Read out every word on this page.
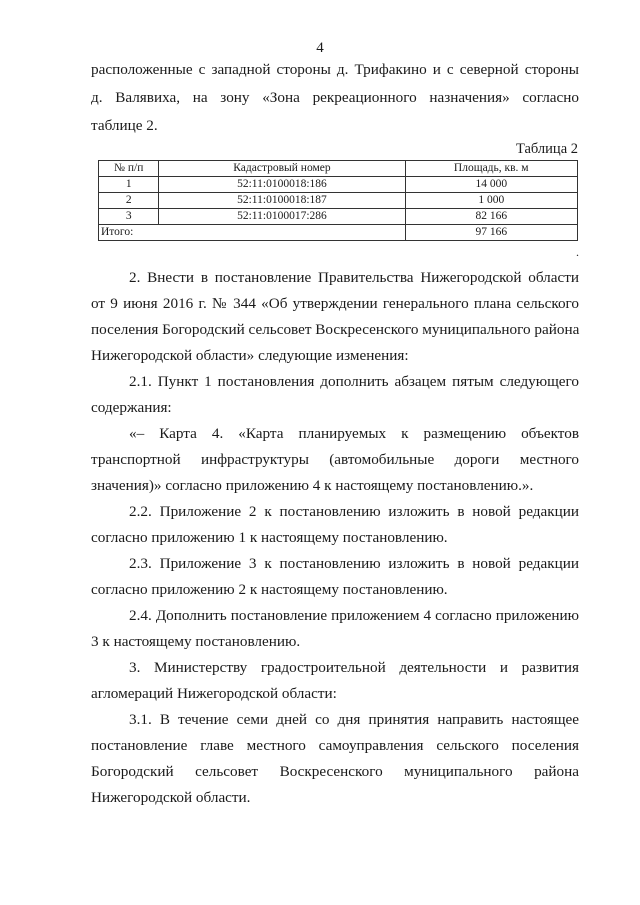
4
расположенные с западной стороны д. Трифакино и с северной стороны
д. Валявиха, на зону «Зона рекреационного назначения» согласно
таблице 2.
Таблица 2
№ п/п	Кадастровый номер	Площадь, кв. м
1	52:11:0100018:186	14 000
2	52:11:0100018:187	1 000
3	52:11:0100017:286	82 166
Итого:		97 166
.
2. Внести в постановление Правительства Нижегородской области
от 9 июня 2016 г. № 344 «Об утверждении генерального плана сельского
поселения Богородский сельсовет Воскресенского муниципального района
Нижегородской области» следующие изменения:
2.1. Пункт 1 постановления дополнить абзацем пятым следующего
содержания:
«– Карта 4. «Карта планируемых к размещению объектов
транспортной инфраструктуры (автомобильные дороги местного
значения)» согласно приложению 4 к настоящему постановлению.».
2.2. Приложение 2 к постановлению изложить в новой редакции
согласно приложению 1 к настоящему постановлению.
2.3. Приложение 3 к постановлению изложить в новой редакции
согласно приложению 2 к настоящему постановлению.
2.4. Дополнить постановление приложением 4 согласно приложению
3 к настоящему постановлению.
3. Министерству градостроительной деятельности и развития
агломераций Нижегородской области:
3.1. В течение семи дней со дня принятия направить настоящее
постановление главе местного самоуправления сельского поселения
Богородский сельсовет Воскресенского муниципального района
Нижегородской области.
